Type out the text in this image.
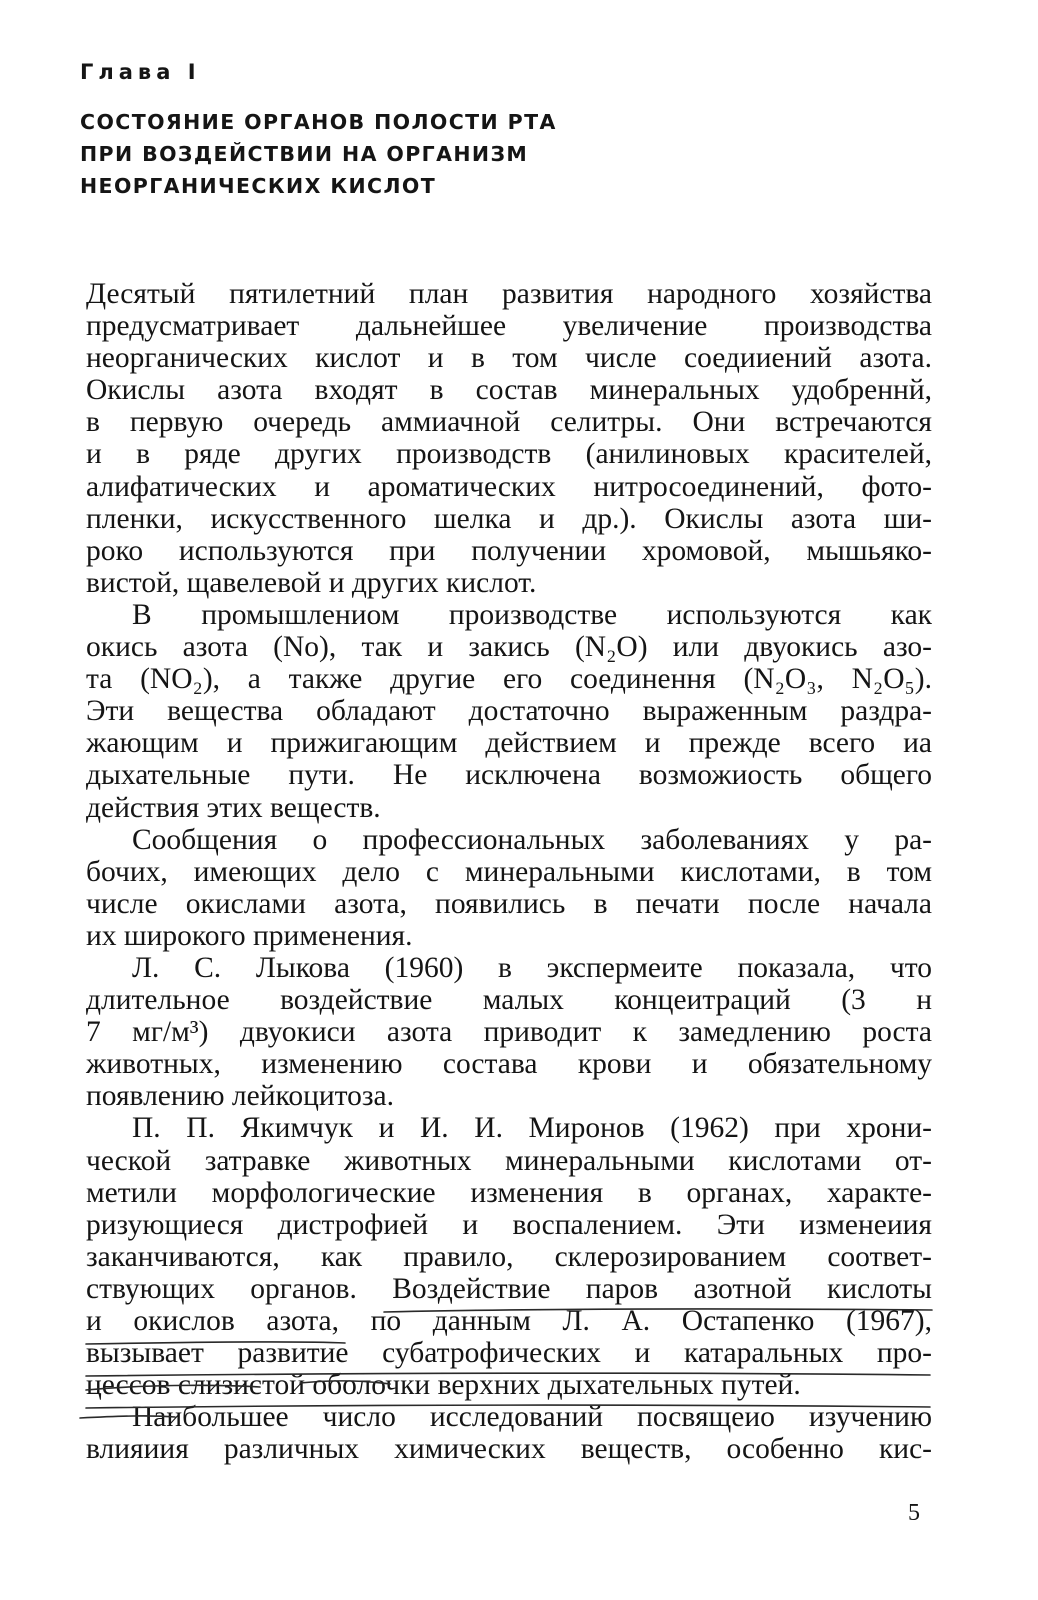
Глава I
СОСТОЯНИЕ ОРГАНОВ ПОЛОСТИ РТА
ПРИ ВОЗДЕЙСТВИИ НА ОРГАНИЗМ
НЕОРГАНИЧЕСКИХ КИСЛОТ
Десятый пятилетний план развития народного хозяйства
предусматривает дальнейшее увеличение производства
неорганических кислот и в том числе соедииений азота.
Окислы азота входят в состав минеральных удобреннй,
в первую очередь аммиачной селитры. Они встречаются
и в ряде других производств (анилиновых красителей,
алифатических и ароматических нитросоединений, фото-
пленки, искусственного шелка и др.). Окислы азота ши-
роко используются при получении хромовой, мышьяко-
вистой, щавелевой и других кислот.
В промышлениом производстве используются как
окись азота (No), так и закись (N₂O) или двуокись азо-
та (NO₂), а также другие его соединення (N₂O₃, N₂O₅).
Эти вещества обладают достаточно выраженным раздра-
жающим и прижигающим действием и прежде всего иа
дыхательные пути. Не исключена возможиость общего
действия этих веществ.
Сообщения о профессиональных заболеваниях у ра-
бочих, имеющих дело с минеральными кислотами, в том
числе окислами азота, появились в печати после начала
их широкого применения.
Л. С. Лыкова (1960) в экспермеите показала, что
длительное воздействие малых концеитраций (3 н
7 мг/м³) двуокиси азота приводит к замедлению роста
животных, изменению состава крови и обязательному
появлению лейкоцитоза.
П. П. Якимчук и И. И. Миронов (1962) при хрони-
ческой затравке животных минеральными кислотами от-
метили морфологические изменения в органах, характе-
ризующиеся дистрофией и воспалением. Эти изменеиия
заканчиваются, как правило, склерозированием соответ-
ствующих органов. Воздействие паров азотной кислоты
и окислов азота, по данным Л. А. Остапенко (1967),
вызывает развитие субатрофических и катаральных про-
цессов слизистой оболочки верхних дыхательных путей.
Наибольшее число исследований посвящеио изучению
влияиия различных химических веществ, особенно кис-
5
